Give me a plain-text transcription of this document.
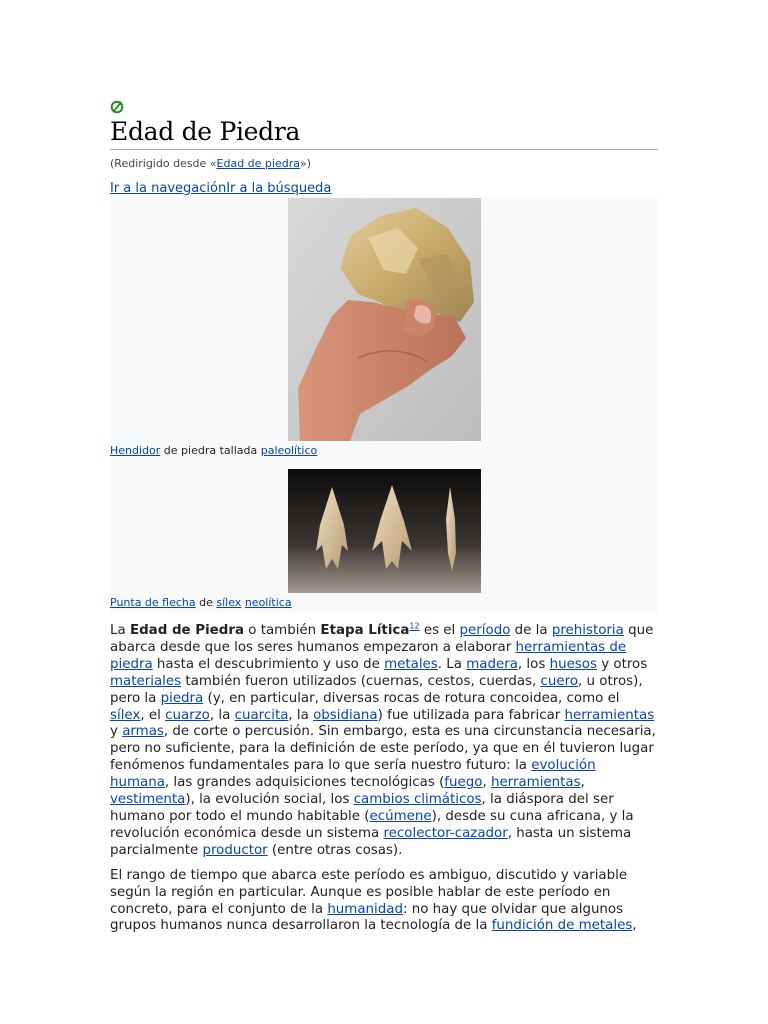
Edad de Piedra
(Redirigido desde «Edad de piedra»)
Ir a la navegaciónIr a la búsqueda

Hendidor de piedra tallada paleolítico

Punta de flecha de sílex neolítica

La Edad de Piedra o también Etapa Lítica$^{12}$ es el período de la prehistoria que abarca desde que los seres humanos empezaron a elaborar herramientas de piedra hasta el descubrimiento y uso de metales. La madera, los huesos y otros materiales también fueron utilizados (cuernas, cestos, cuerdas, cuero, u otros), pero la piedra (y, en particular, diversas rocas de rotura concoidea, como el sílex, el cuarzo, la cuarcita, la obsidiana) fue utilizada para fabricar herramientas y armas, de corte o percusión. Sin embargo, esta es una circunstancia necesaria, pero no suficiente, para la definición de este período, ya que en él tuvieron lugar fenómenos fundamentales para lo que sería nuestro futuro: la evolución humana, las grandes adquisiciones tecnológicas (fuego, herramientas, vestimenta), la evolución social, los cambios climáticos, la diáspora del ser humano por todo el mundo habitable (ecúmene), desde su cuna africana, y la revolución económica desde un sistema recolector-cazador, hasta un sistema parcialmente productor (entre otras cosas).

El rango de tiempo que abarca este período es ambiguo, discutido y variable según la región en particular. Aunque es posible hablar de este período en concreto, para el conjunto de la humanidad: no hay que olvidar que algunos grupos humanos nunca desarrollaron la tecnología de la fundición de metales,
